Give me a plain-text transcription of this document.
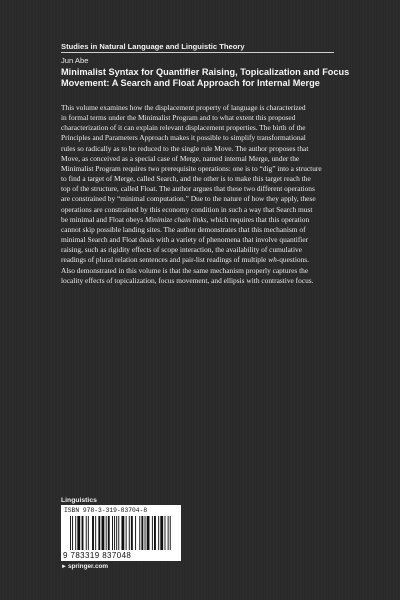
Studies in Natural Language and Linguistic Theory
Jun Abe
Minimalist Syntax for Quantifier Raising, Topicalization and Focus
Movement: A Search and Float Approach for Internal Merge
This volume examines how the displacement property of language is characterized
in formal terms under the Minimalist Program and to what extent this proposed
characterization of it can explain relevant displacement properties. The birth of the
Principles and Parameters Approach makes it possible to simplify transformational
rules so radically as to be reduced to the single rule Move. The author proposes that
Move, as conceived as a special case of Merge, named internal Merge, under the
Minimalist Program requires two prerequisite operations: one is to “dig” into a structure
to find a target of Merge, called Search, and the other is to make this target reach the
top of the structure, called Float. The author argues that these two different operations
are constrained by “minimal computation.” Due to the nature of how they apply, these
operations are constrained by this economy condition in such a way that Search must
be minimal and Float obeys Minimize chain links, which requires that this operation
cannot skip possible landing sites. The author demonstrates that this mechanism of
minimal Search and Float deals with a variety of phenomena that involve quantifier
raising, such as rigidity effects of scope interaction, the availability of cumulative
readings of plural relation sentences and pair-list readings of multiple wh-questions.
Also demonstrated in this volume is that the same mechanism properly captures the
locality effects of topicalization, focus movement, and ellipsis with contrastive focus.
Linguistics
ISBN 978-3-319-83704-8
9 783319 837048
►springer.com
